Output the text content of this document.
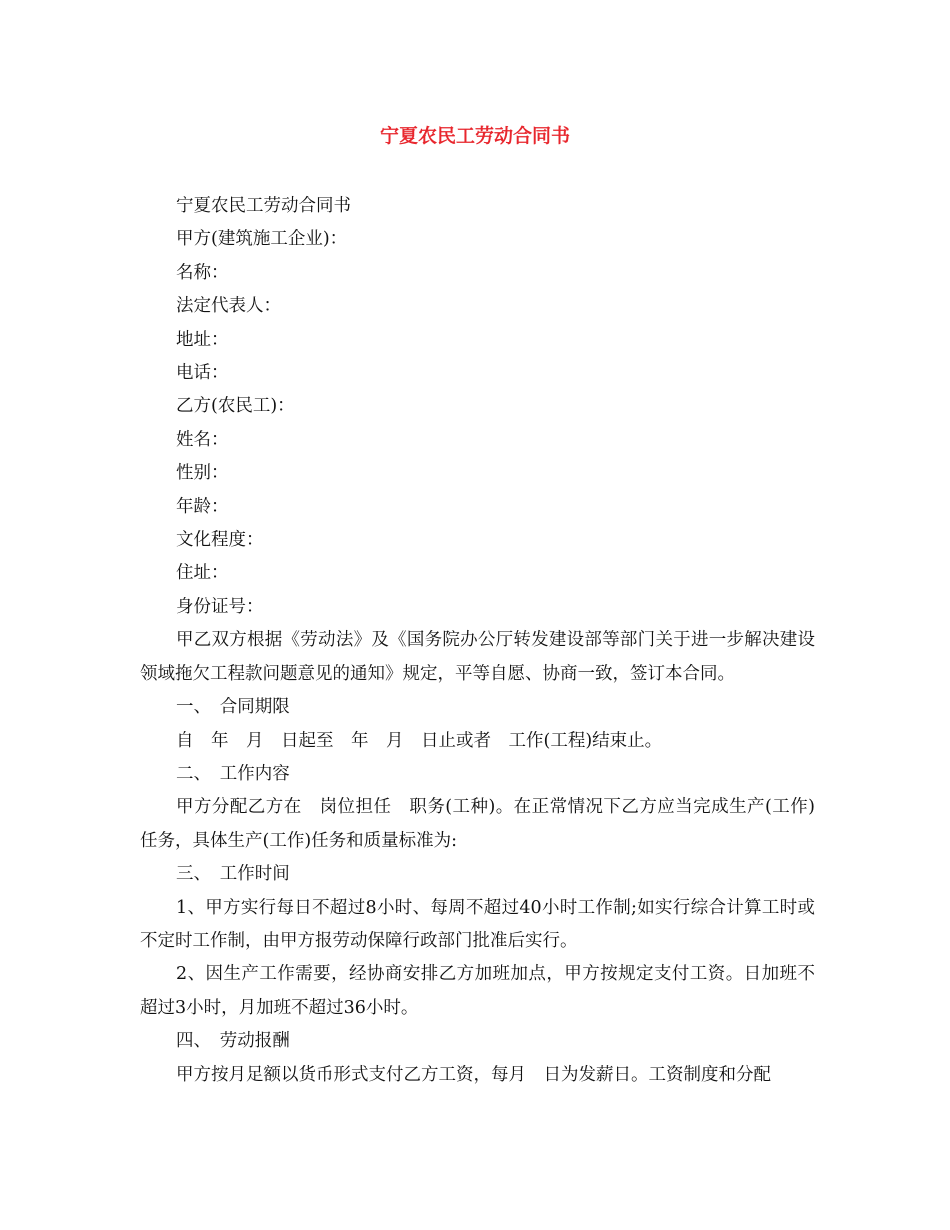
宁夏农民工劳动合同书

宁夏农民工劳动合同书

甲方(建筑施工企业)：

名称：

法定代表人：

地址：

电话：

乙方(农民工)：

姓名：

性别：

年龄：

文化程度：

住址：

身份证号：

甲乙双方根据《劳动法》及《国务院办公厅转发建设部等部门关于进一步解决建设领域拖欠工程款问题意见的通知》规定，平等自愿、协商一致，签订本合同。

一、　合同期限

自　年　月　日起至　年　月　日止或者　工作(工程)结束止。

二、　工作内容

甲方分配乙方在　岗位担任　职务(工种)。在正常情况下乙方应当完成生产(工作)任务，具体生产(工作)任务和质量标准为:

三、　工作时间

1、甲方实行每日不超过8小时、每周不超过40小时工作制;如实行综合计算工时或不定时工作制，由甲方报劳动保障行政部门批准后实行。

2、因生产工作需要，经协商安排乙方加班加点，甲方按规定支付工资。日加班不超过3小时，月加班不超过36小时。

四、　劳动报酬

甲方按月足额以货币形式支付乙方工资，每月　日为发薪日。工资制度和分配
